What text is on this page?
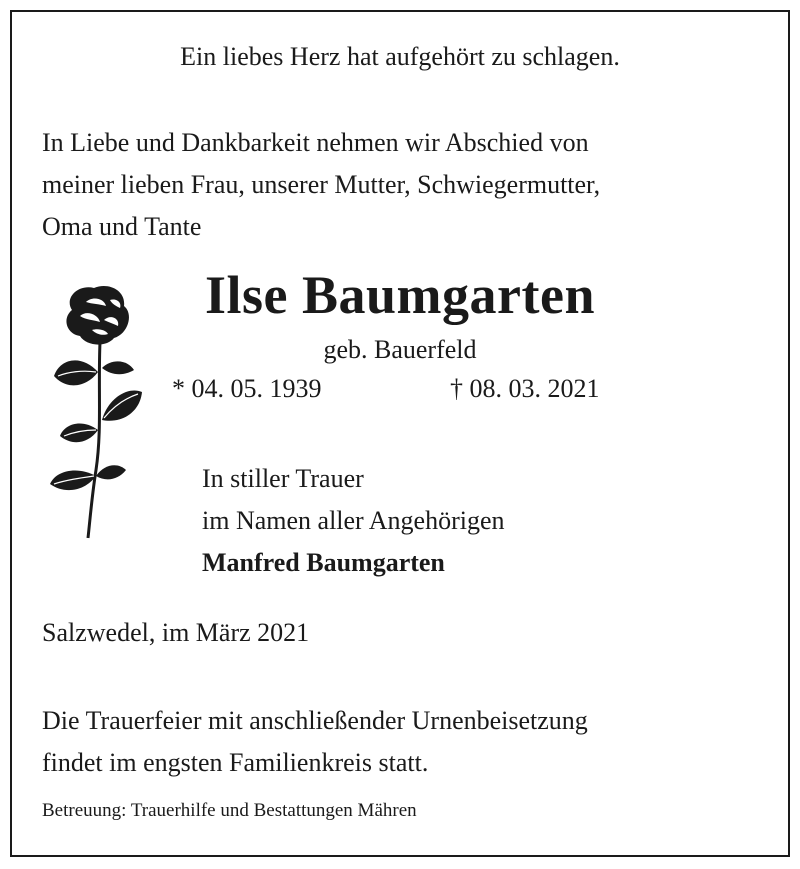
Ein liebes Herz hat aufgehört zu schlagen.
In Liebe und Dankbarkeit nehmen wir Abschied von
meiner lieben Frau, unserer Mutter, Schwiegermutter,
Oma und Tante
Ilse Baumgarten
geb. Bauerfeld
* 04. 05. 1939	† 08. 03. 2021
In stiller Trauer
im Namen aller Angehörigen
Manfred Baumgarten
Salzwedel, im März 2021
Die Trauerfeier mit anschließender Urnenbeisetzung
findet im engsten Familienkreis statt.
Betreuung: Trauerhilfe und Bestattungen Mähren
